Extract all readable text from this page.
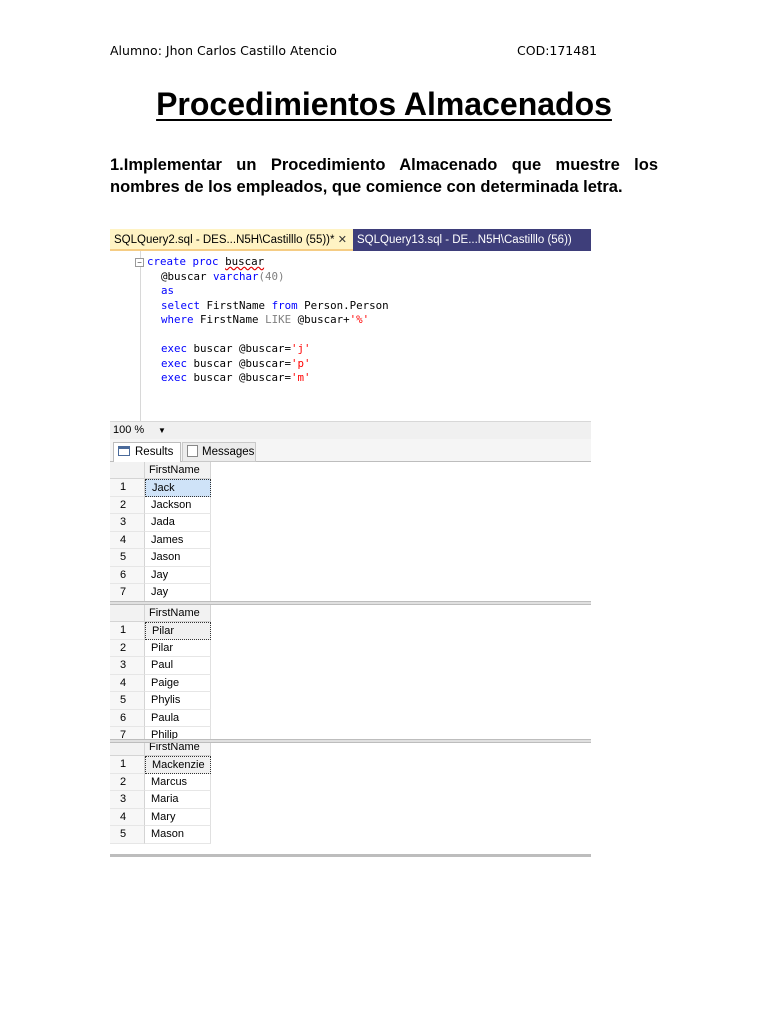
Alumno: Jhon Carlos Castillo Atencio	COD:171481
Procedimientos Almacenados

1.Implementar un Procedimiento Almacenado que muestre los nombres de los empleados, que comience con determinada letra.

SQLQuery2.sql - DES...N5H\Castilllo (55))* ✕ SQLQuery13.sql - DE...N5H\Castilllo (56))
− create proc buscar
@buscar varchar(40)
as
select FirstName from Person.Person
where FirstName LIKE @buscar+'%'
exec buscar @buscar='j'
exec buscar @buscar='p'
exec buscar @buscar='m'
100 % ▼
Results	Messages
FirstName
1	Jack
2	Jackson
3	Jada
4	James
5	Jason
6	Jay
7	Jay
FirstName
1	Pilar
2	Pilar
3	Paul
4	Paige
5	Phylis
6	Paula
7	Philip
FirstName
1	Mackenzie
2	Marcus
3	Maria
4	Mary
5	Mason
